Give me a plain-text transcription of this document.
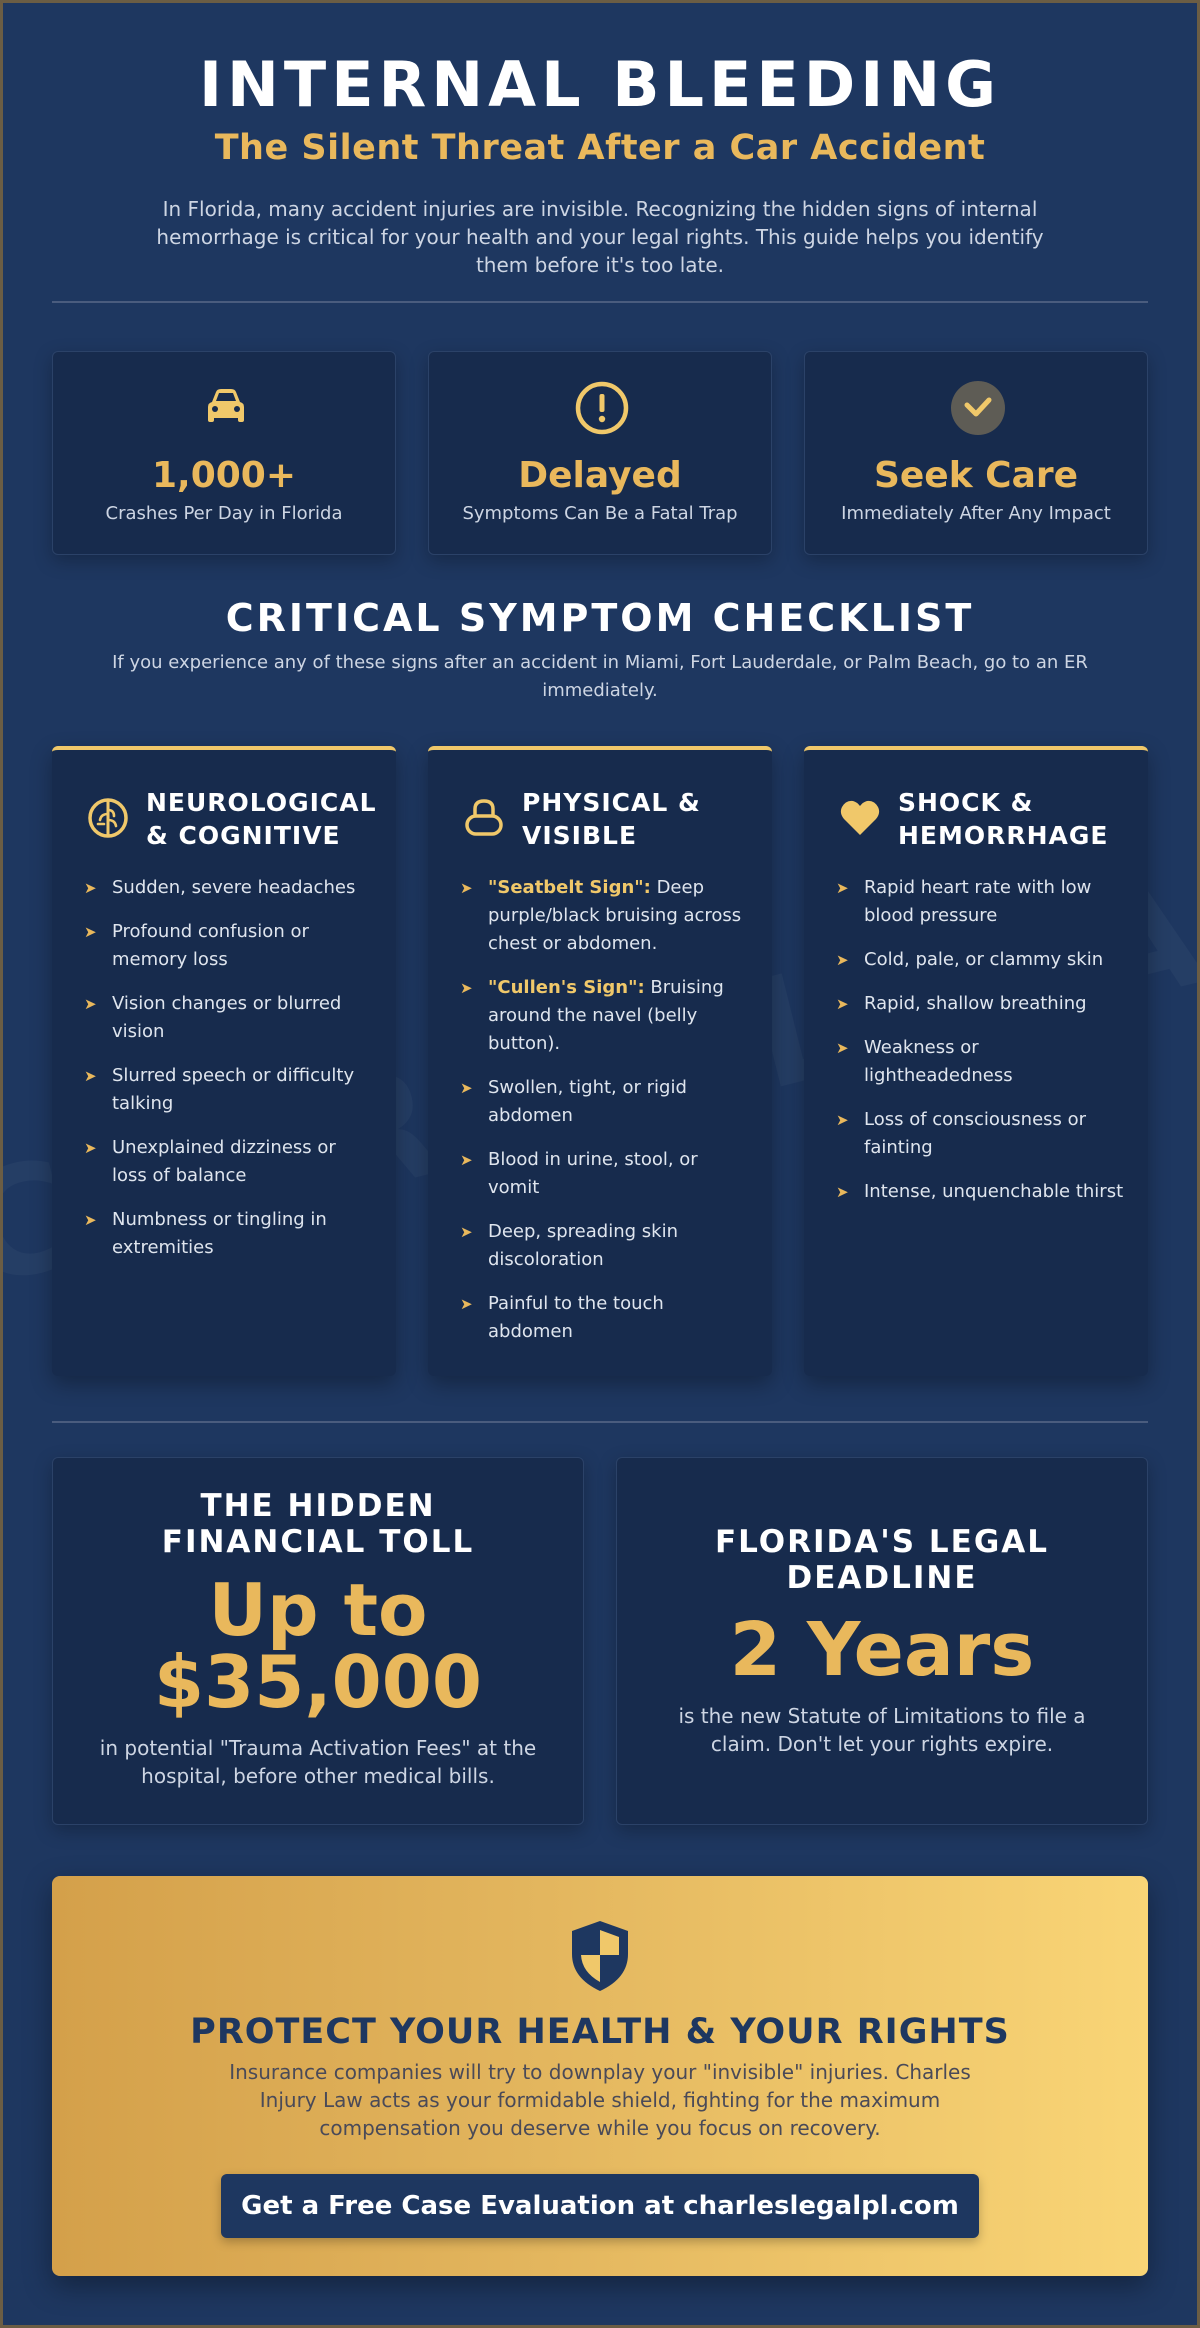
INTERNAL BLEEDING
The Silent Threat After a Car Accident
In Florida, many accident injuries are invisible. Recognizing the hidden signs of internal hemorrhage is critical for your health and your legal rights. This guide helps you identify them before it's too late.
1,000+
Crashes Per Day in Florida
Delayed
Symptoms Can Be a Fatal Trap
Seek Care
Immediately After Any Impact
CRITICAL SYMPTOM CHECKLIST
If you experience any of these signs after an accident in Miami, Fort Lauderdale, or Palm Beach, go to an ER immediately.
NEUROLOGICAL
& COGNITIVE
➤ Sudden, severe headaches
➤ Profound confusion or memory loss
➤ Vision changes or blurred vision
➤ Slurred speech or difficulty talking
➤ Unexplained dizziness or loss of balance
➤ Numbness or tingling in extremities
PHYSICAL &
VISIBLE
➤ "Seatbelt Sign": Deep purple/black bruising across chest or abdomen.
➤ "Cullen's Sign": Bruising around the navel (belly button).
➤ Swollen, tight, or rigid abdomen
➤ Blood in urine, stool, or vomit
➤ Deep, spreading skin discoloration
➤ Painful to the touch abdomen
SHOCK &
HEMORRHAGE
➤ Rapid heart rate with low blood pressure
➤ Cold, pale, or clammy skin
➤ Rapid, shallow breathing
➤ Weakness or lightheadedness
➤ Loss of consciousness or fainting
➤ Intense, unquenchable thirst
THE HIDDEN FINANCIAL TOLL
Up to
$35,000
in potential "Trauma Activation Fees" at the hospital, before other medical bills.
FLORIDA'S LEGAL DEADLINE
2 Years
is the new Statute of Limitations to file a claim. Don't let your rights expire.
PROTECT YOUR HEALTH & YOUR RIGHTS
Insurance companies will try to downplay your "invisible" injuries. Charles Injury Law acts as your formidable shield, fighting for the maximum compensation you deserve while you focus on recovery.
Get a Free Case Evaluation at charleslegalpl.com
